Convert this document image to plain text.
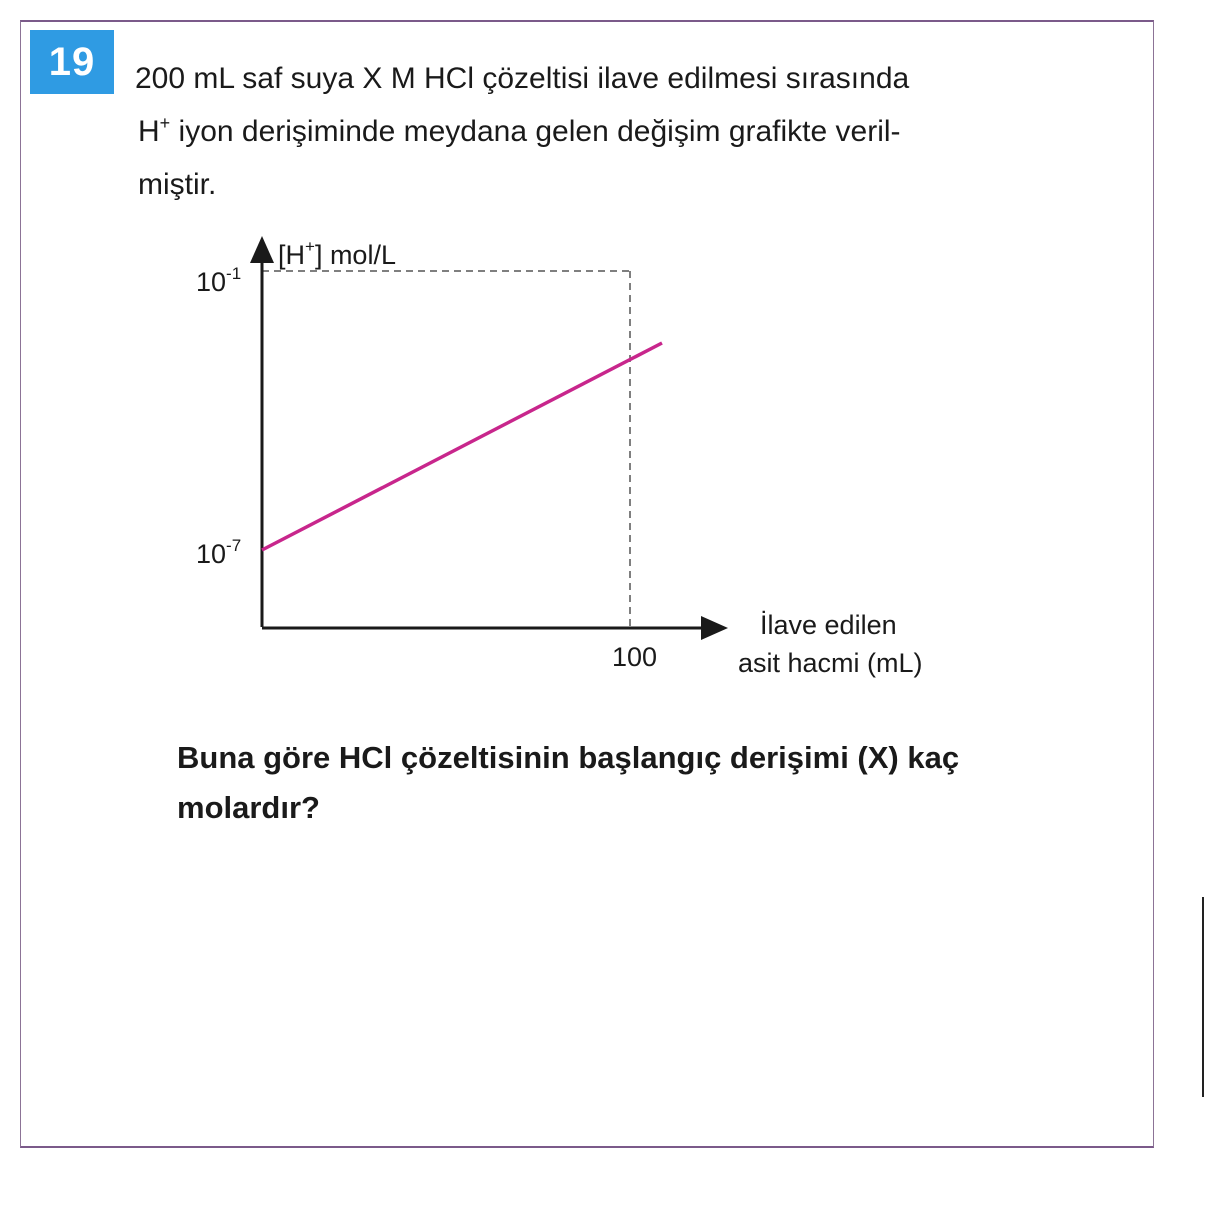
19	200 mL saf suya X M HCl çözeltisi ilave edilmesi sırasında

H+ iyon derişiminde meydana gelen değişim grafikte veril-

miştir.

[H+] mol/L
$10^{-1}$
$10^{-7}$
100
İlave edilen
asit hacmi (mL)

Buna göre HCl çözeltisinin başlangıç derişimi (X) kaç

molardır?
